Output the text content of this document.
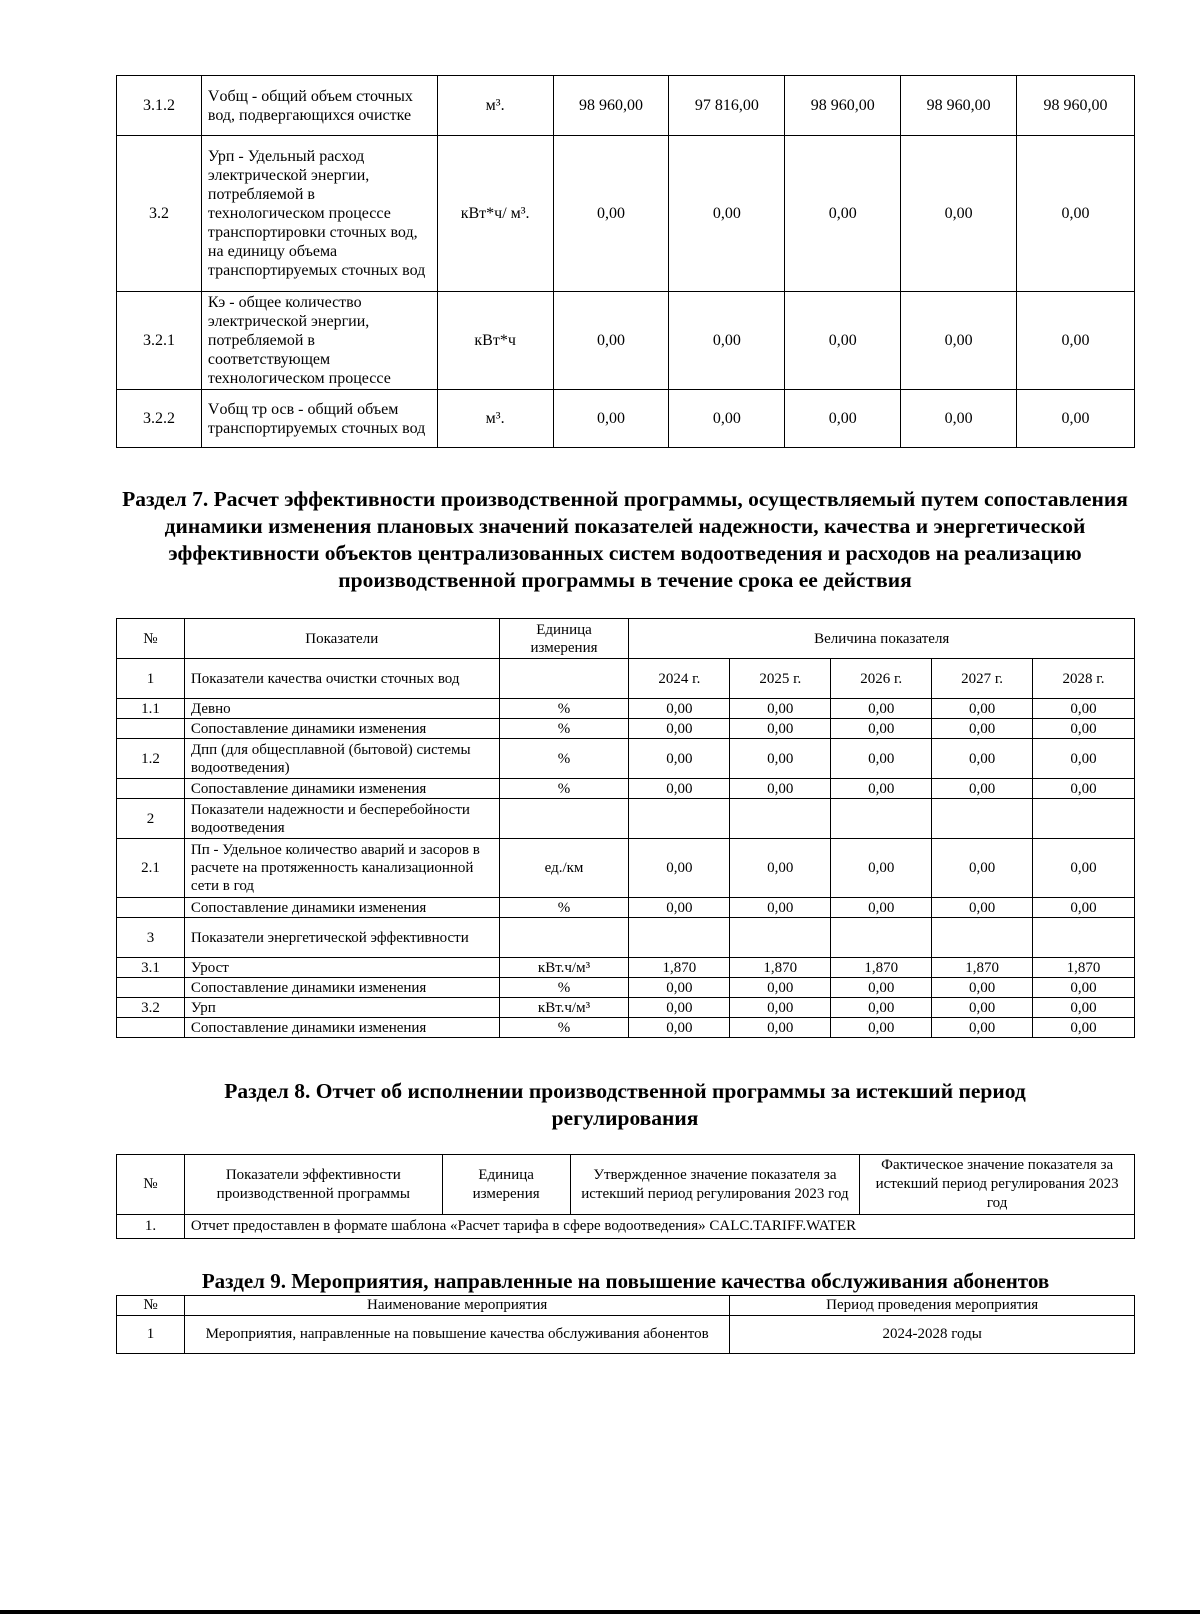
3.1.2	Vобщ - общий объем сточных вод, подвергающихся очистке	м³.	98 960,00	97 816,00	98 960,00	98 960,00	98 960,00
3.2	Урп - Удельный расход электрической энергии, потребляемой в технологическом процессе транспортировки сточных вод, на единицу объема транспортируемых сточных вод	кВт*ч/ м³.	0,00	0,00	0,00	0,00	0,00
3.2.1	Кэ - общее количество электрической энергии, потребляемой в соответствующем технологическом процессе	кВт*ч	0,00	0,00	0,00	0,00	0,00
3.2.2	Vобщ тр осв - общий объем транспортируемых сточных вод	м³.	0,00	0,00	0,00	0,00	0,00
Раздел 7. Расчет эффективности производственной программы, осуществляемый путем сопоставления динамики изменения плановых значений показателей надежности, качества и энергетической эффективности объектов централизованных систем водоотведения и расходов на реализацию производственной программы в течение срока ее действия
№	Показатели	Единица измерения	Величина показателя				
1	Показатели качества очистки сточных вод		2024 г.	2025 г.	2026 г.	2027 г.	2028 г.
1.1	Девно	%	0,00	0,00	0,00	0,00	0,00
	Сопоставление динамики изменения	%	0,00	0,00	0,00	0,00	0,00
1.2	Дпп (для общесплавной (бытовой) системы водоотведения)	%	0,00	0,00	0,00	0,00	0,00
	Сопоставление динамики изменения	%	0,00	0,00	0,00	0,00	0,00
2	Показатели надежности и бесперебойности водоотведения						
2.1	Пп - Удельное количество аварий и засоров в расчете на протяженность канализационной сети в год	ед./км	0,00	0,00	0,00	0,00	0,00
	Сопоставление динамики изменения	%	0,00	0,00	0,00	0,00	0,00
3	Показатели энергетической эффективности						
3.1	Урост	кВт.ч/м³	1,870	1,870	1,870	1,870	1,870
	Сопоставление динамики изменения	%	0,00	0,00	0,00	0,00	0,00
3.2	Урп	кВт.ч/м³	0,00	0,00	0,00	0,00	0,00
	Сопоставление динамики изменения	%	0,00	0,00	0,00	0,00	0,00
Раздел 8. Отчет об исполнении производственной программы за истекший период регулирования
№	Показатели эффективности производственной программы	Единица измерения	Утвержденное значение показателя за истекший период регулирования 2023 год	Фактическое значение показателя за истекший период регулирования 2023 год
1.	Отчет предоставлен в формате шаблона «Расчет тарифа в сфере водоотведения» CALC.TARIFF.WATER			
Раздел 9. Мероприятия, направленные на повышение качества обслуживания абонентов
№	Наименование мероприятия	Период проведения мероприятия
1	Мероприятия, направленные на повышение качества обслуживания абонентов	2024-2028 годы
